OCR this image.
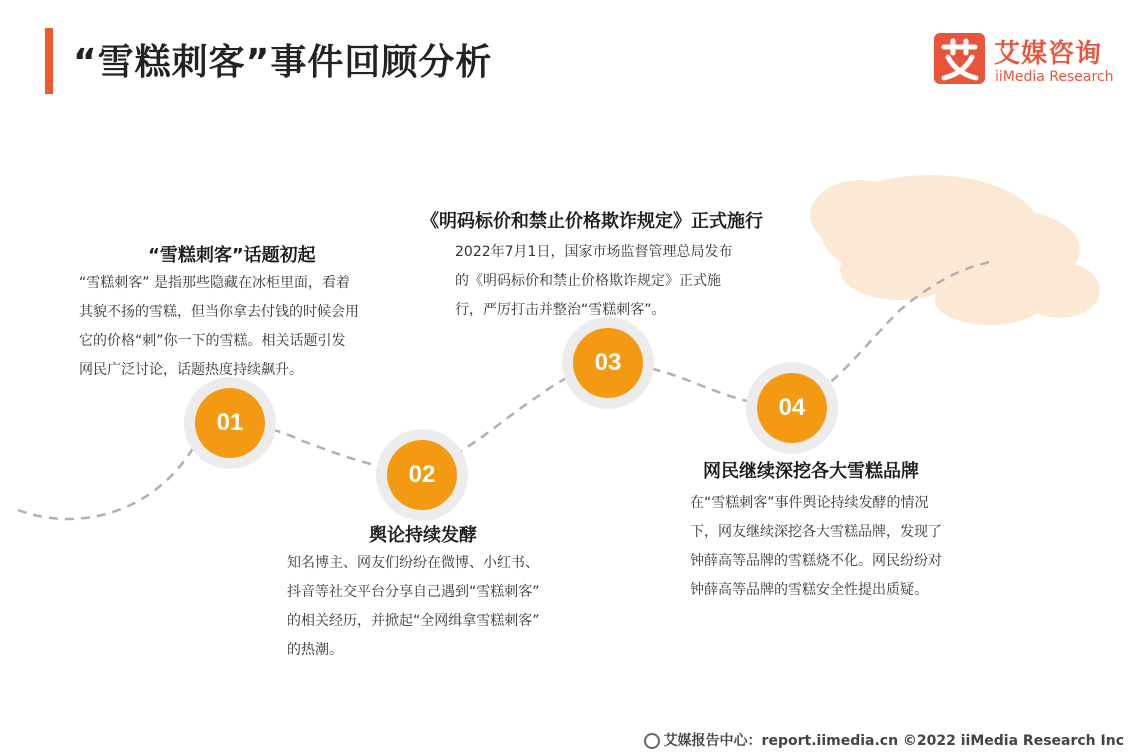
“雪糕刺客”事件回顾分析	艾媒咨询
iiMedia Research
01
02
03
04
“雪糕刺客”话题初起

“雪糕刺客” 是指那些隐藏在冰柜里面，看着

其貌不扬的雪糕，但当你拿去付钱的时候会用

它的价格“刺”你一下的雪糕。相关话题引发

网民广泛讨论，话题热度持续飙升。

舆论持续发酵

知名博主、网友们纷纷在微博、小红书、

抖音等社交平台分享自己遇到“雪糕刺客”

的相关经历，并掀起“全网缉拿雪糕刺客”

的热潮。

《明码标价和禁止价格欺诈规定》正式施行

2022年7月1日，国家市场监督管理总局发布

的《明码标价和禁止价格欺诈规定》正式施

行，严厉打击并整治“雪糕刺客”。

网民继续深挖各大雪糕品牌

在“雪糕刺客”事件舆论持续发酵的情况

下，网友继续深挖各大雪糕品牌，发现了

钟薛高等品牌的雪糕烧不化。网民纷纷对

钟薛高等品牌的雪糕安全性提出质疑。

艾媒报告中心：report.iimedia.cn ©2022 iiMedia Research Inc
